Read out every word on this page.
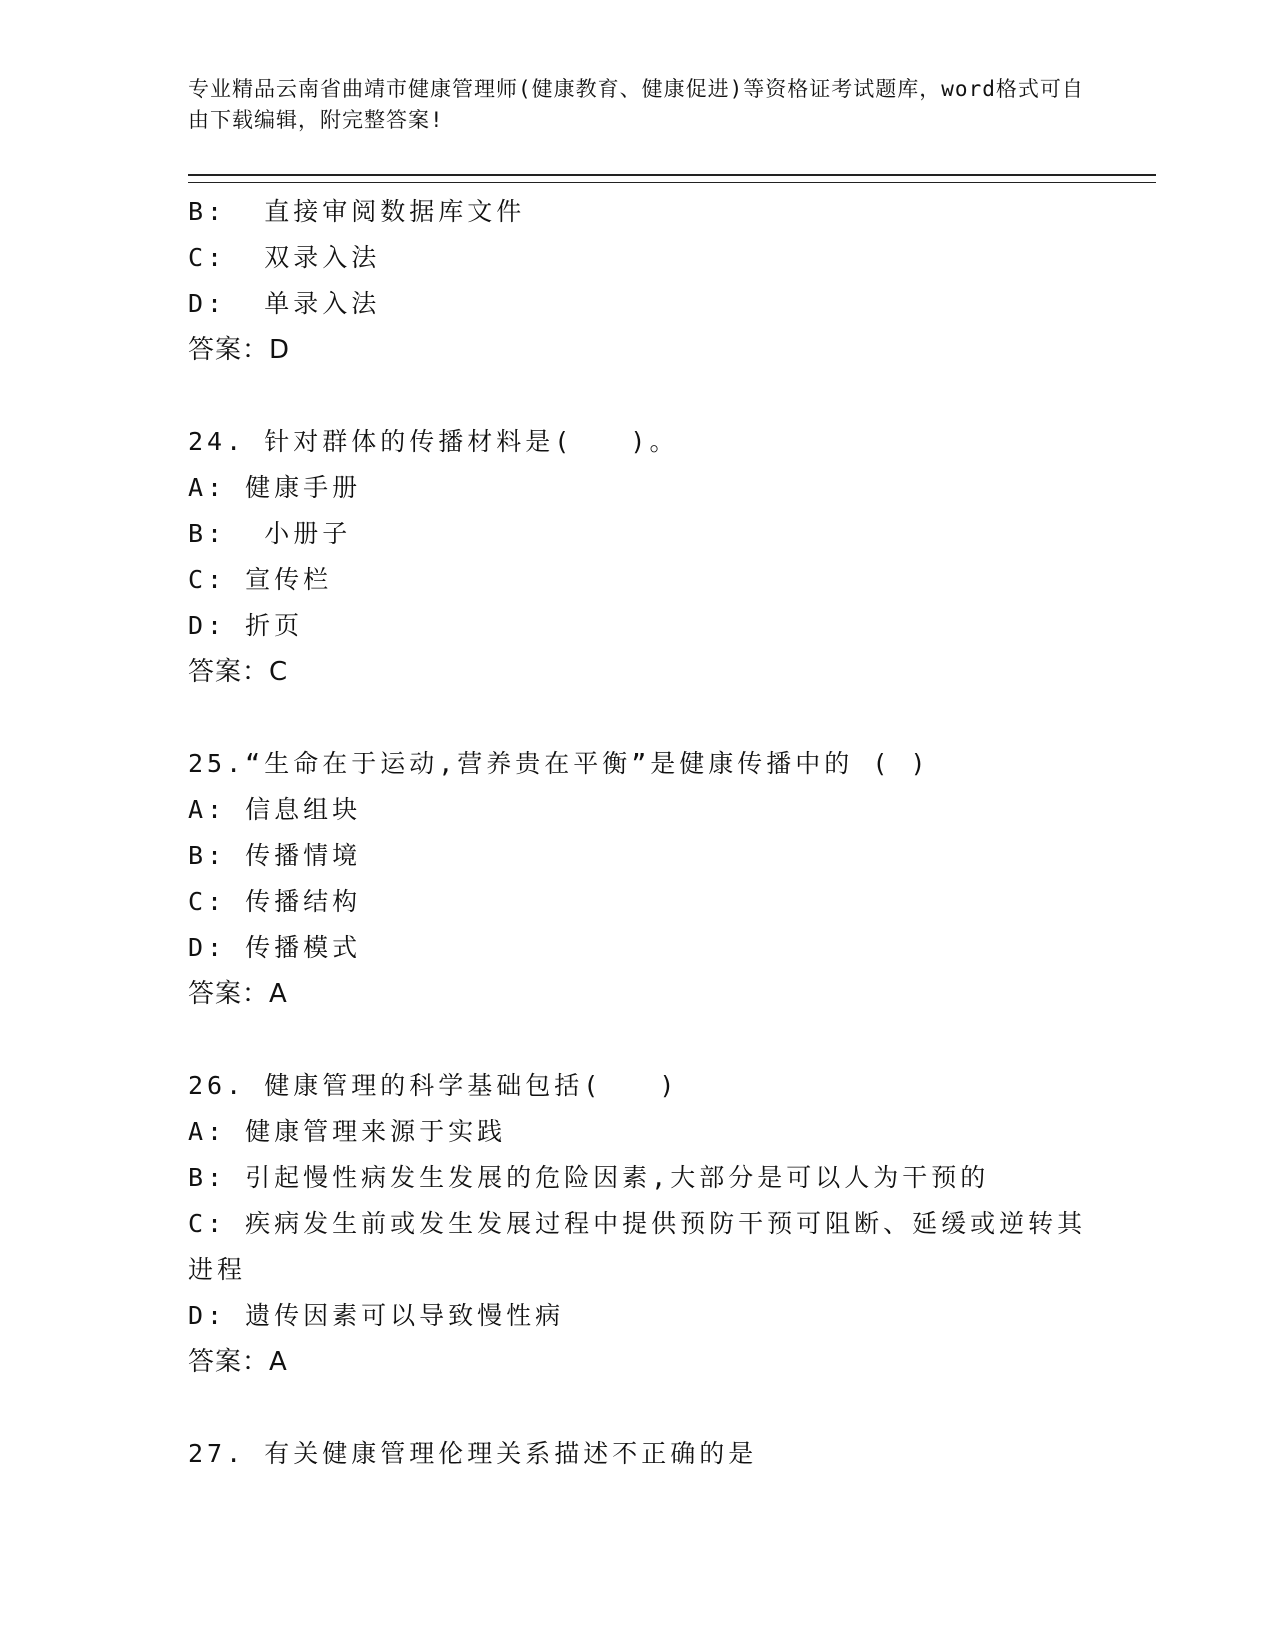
专业精品云南省曲靖市健康管理师(健康教育、健康促进)等资格证考试题库，word格式可自由下载编辑，附完整答案!

B:  直接审阅数据库文件
C:  双录入法
D:  单录入法
答案：D
24. 针对群体的传播材料是(   )。
A: 健康手册
B:  小册子
C: 宣传栏
D: 折页
答案：C
25.“生命在于运动,营养贵在平衡”是健康传播中的 ( )
A: 信息组块
B: 传播情境
C: 传播结构
D: 传播模式
答案：A
26. 健康管理的科学基础包括(   )
A: 健康管理来源于实践
B: 引起慢性病发生发展的危险因素,大部分是可以人为干预的
C: 疾病发生前或发生发展过程中提供预防干预可阻断、延缓或逆转其进程
D: 遗传因素可以导致慢性病
答案：A
27. 有关健康管理伦理关系描述不正确的是
